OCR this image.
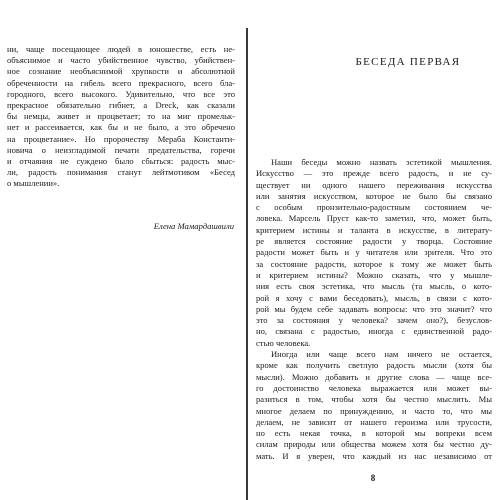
ни, чаще посещающее людей в юношестве, есть не-
объяснимое и часто убийственное чувство, убийствен-
ное сознание необъяснимой хрупкости и абсолютной
обреченности на гибель всего прекрасного, всего бла-
городного, всего высокого. Удивительно, что все это
прекрасное обязательно гибнет, а Dreck, как сказали
бы немцы, живет и процветает; то на миг промельк-
нет и рассеивается, как бы и не было, а это обречено
на процветание». Но пророчеству Мераба Константи-
новича о неизгладимой печати предательства, горечи
и отчаяния не суждено было сбыться: радость мыс-
ли, радость понимания станут лейтмотивом «Бесед
о мышлении».
Елена Мамардашвили
БЕСЕДА ПЕРВАЯ
Наши беседы можно назвать эстетикой мышления.
Искусство — это прежде всего радость, и не су-
ществует ни одного нашего переживания искусства
или занятия искусством, которое не было бы связано
с особым пронзительно-радостным состоянием че-
ловека. Марсель Пруст как-то заметил, что, может быть,
критерием истины и таланта в искусстве, в литерату-
ре является состояние радости у творца. Состояние
радости может быть и у читателя или зрителя. Что это
за состояние радости, которое к тому же может быть
и критерием истины? Можно сказать, что у мышле-
ния есть своя эстетика, что мысль (та мысль, о кото-
рой я хочу с вами беседовать), мысль, в связи с кото-
рой мы будем себе задавать вопросы: что это значит? что
это за состояния у человека? зачем оно?), безуслов-
но, связана с радостью, иногда с единственной радо-
стью человека.
Иногда или чаще всего нам ничего не остается,
кроме как получить светлую радость мысли (хотя бы
мысли). Можно добавить и другие слова — чаще все-
го достоинство человека выражается или может вы-
разиться в том, чтобы хотя бы честно мыслить. Мы
многое делаем по принуждению, и часто то, что мы
делаем, не зависит от нашего героизма или трусости,
но есть некая точка, в которой мы вопреки всем
силам природы или общества можем хотя бы честно ду-
мать. И я уверен, что каждый из нас независимо от
8
